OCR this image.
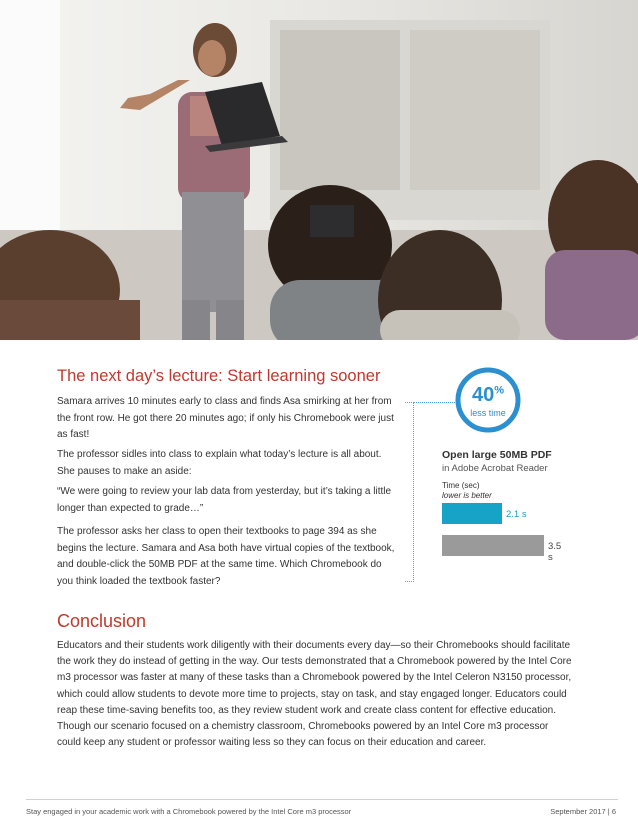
The next day’s lecture: Start learning sooner

Samara arrives 10 minutes early to class and finds Asa smirking at her from the front row. He got there 20 minutes ago; if only his Chromebook were just as fast!

The professor sidles into class to explain what today’s lecture is all about. She pauses to make an aside:

“We were going to review your lab data from yesterday, but it’s taking a little longer than expected to grade…”

The professor asks her class to open their textbooks to page 394 as she begins the lecture. Samara and Asa both have virtual copies of the textbook, and double-click the 50MB PDF at the same time. Which Chromebook do you think loaded the textbook faster?

40%
less time
Open large 50MB PDF
in Adobe Acrobat Reader
Time (sec)
lower is better
2.1 s
3.5 s
Conclusion

Educators and their students work diligently with their documents every day—so their Chromebooks should facilitate the work they do instead of getting in the way. Our tests demonstrated that a Chromebook powered by the Intel Core m3 processor was faster at many of these tasks than a Chromebook powered by the Intel Celeron N3150 processor, which could allow students to devote more time to projects, stay on task, and stay engaged longer. Educators could reap these time-saving benefits too, as they review student work and create class content for effective education. Though our scenario focused on a chemistry classroom, Chromebooks powered by an Intel Core m3 processor could keep any student or professor waiting less so they can focus on their education and career.

Stay engaged in your academic work with a Chromebook powered by the Intel Core m3 processor	September 2017 | 6
